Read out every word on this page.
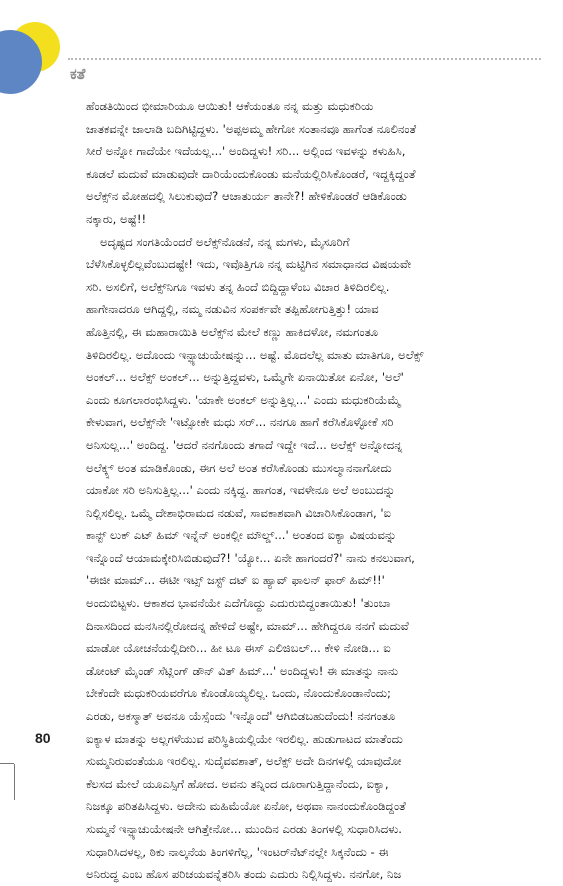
ಕತೆ
ಹೆಂಡತಿಯಿಂದ ಭೀಮಾರಿಯೂ ಆಯಿತು! ಆಕೆಯಂತೂ ನನ್ನ ಮತ್ತು ಮಧುಕರಿಯ
ಜಾತಕವನ್ನೇ ಜಾಲಾಡಿ ಬದಿಗಿಟ್ಟಿದ್ದಳು. 'ಅಪ್ಪಅಮ್ಮ ಹೇಗೋ ಸಂತಾನವೂ ಹಾಗೆಂತ ನೂಲಿನಂತೆ
ಸೀರೆ ಅನ್ನೋ ಗಾದೆಯೇ ಇದೆಯಲ್ಲ...' ಅಂದಿದ್ದಳು! ಸರಿ... ಅಲ್ಲಿಂದ ಇವಳನ್ನು ಕಳುಹಿಸಿ,
ಕೂಡಲೆ ಮದುವೆ ಮಾಡುವುದೇ ದಾರಿಯೆಂದುಕೊಂಡು ಮನೆಯಲ್ಲಿರಿಸಿಕೊಂಡರೆ, ಇದ್ದಕ್ಕಿದ್ದಂತೆ
ಅಲೆಕ್ಸ್‌ನ ಮೋಹದಲ್ಲಿ ಸಿಲುಕುವುದೆ? ಆಚಾತುರ್ಯ ತಾನೇ?! ಹೇಳಿಕೊಂಡರೆ ಆಡಿಕೊಂಡು
ನಕ್ಕಾರು, ಅಷ್ಟೆ!!
ಅದೃಷ್ಟದ ಸಂಗತಿಯೆಂದರೆ ಅಲೆಕ್ಸ್‌ನೊಡನೆ, ನನ್ನ ಮಗಳು, ಮೈಸೂರಿಗೆ
ಬೆಳೆಸಿಕೊಳ್ಳಲಿಲ್ಲವೆಂಬುದಷ್ಟೇ! ಇದು, ಇವೊತ್ತಿಗೂ ನನ್ನ ಮಟ್ಟಿಗಿನ ಸಮಾಧಾನದ ವಿಷಯವೇ
ಸರಿ. ಅಸಲಿಗೆ, ಅಲೆಕ್ಸ್‌ನಿಗೂ ಇವಳು ತನ್ನ ಹಿಂದೆ ಬಿದ್ದಿದ್ದಾಳೆಂಬ ವಿಚಾರ ತಿಳಿದಿರಲಿಲ್ಲ.
ಹಾಗೇನಾದರೂ ಆಗಿದ್ದಲ್ಲಿ, ನಮ್ಮ ನಡುವಿನ ಸಂಪರ್ಕವೇ ತಪ್ಪಿಹೋಗುತ್ತಿತ್ತು! ಯಾವ
ಹೊತ್ತಿನಲ್ಲಿ, ಈ ಮಹಾರಾಯಿತಿ ಅಲೆಕ್ಸ್‌ನ ಮೇಲೆ ಕಣ್ಣು ಹಾಕಿದಳೋ, ನಮಗಂತೂ
ತಿಳಿದಿರಲಿಲ್ಲ. ಅದೊಂದು ಇನ್ಫ್ಯಾಚುಯೇಷನ್ನು... ಅಷ್ಟೆ. ಮೊದಲೆಲ್ಲ ಮಾತು ಮಾತಿಗೂ, ಅಲೆಕ್ಸ್
ಅಂಕಲ್... ಅಲೆಕ್ಸ್ ಅಂಕಲ್... ಅನ್ನುತ್ತಿದ್ದವಳು, ಒಮ್ಮೆಗೇ ಏನಾಯಿತೋ ಏನೋ, 'ಅಲೆ'
ಎಂದು ಕೂಗಲಾರಂಭಿಸಿದ್ದಳು. 'ಯಾಕೇ ಅಂಕಲ್ ಅನ್ನುತ್ತಿಲ್ಲ...' ಎಂದು ಮಧುಕರಿಯೆಮ್ಮೆ
ಕೇಳುವಾಗ, ಅಲೆಕ್ಸ್‌ನೇ 'ಇಟ್ಸೋಕೇ ಮಧು ಸರ್... ನನಗೂ ಹಾಗೆ ಕರೆಸಿಕೊಳ್ಳೋಕೆ ಸರಿ
ಅನಿಸುಲ್ಲ...' ಅಂದಿದ್ದ. 'ಆದರೆ ನನಗೊಂದು ತಗಾದೆ ಇದ್ದೇ ಇದೆ... ಅಲೆಕ್ಸ್ ಅನ್ನೋದನ್ನ
ಅಲೆಕ್ಕ್ಸ್ ಅಂತ ಮಾಡಿಕೊಂಡು, ಈಗ ಅಲೆ ಅಂತ ಕರೆಸಿಕೊಂಡು ಮುಸಲ್ಮಾನನಾಗೋದು
ಯಾಕೋ ಸರಿ ಅನಿಸುತ್ತಿಲ್ಲ...' ಎಂದು ನಕ್ಕಿದ್ದ. ಹಾಗಂತ, ಇವಳೇನೂ ಅಲೆ ಅಂಬುದನ್ನು
ನಿಲ್ಲಿಸಲಿಲ್ಲ. ಒಮ್ಮೆ ದೇಶಾಭಿರಾಮದ ನಡುವೆ, ಸಾವಕಾಶವಾಗಿ ವಿಚಾರಿಸಿಕೊಂಡಾಗ, 'ಐ
ಕಾನ್ಟ್ ಲುಕ್ ಎಟ್ ಹಿಮ್ ಇನ್ನೆನ್ ಅಂಕಲ್ಲೀ ಮೌಲ್ಡ್...' ಅಂತಂದ ಐಕ್ಯಾ ವಿಷಯವನ್ನು
ಇನ್ನೊಂದೆ ಆಯಾಮಕ್ಕೇರಿಸಿಬಿಡುವುದೆ?! 'ಯ್ಯೋ... ಏನೇ ಹಾಗಂದರೆ?' ನಾನು ಕನಲುವಾಗ,
'ಈಜೀ ಮಾಮ್... ಈಟೀ ಇಟ್ಸ್ ಜಸ್ಟ್ ದಟ್ ಐ ಹ್ಯಾವ್ ಫಾಲನ್ ಫಾರ್ ಹಿಮ್!!'
ಅಂದುಬಿಟ್ಟಳು. ಆಕಾಶದ ಭಾವನೆಯೇ ಎದೆಗೊದ್ದು ಎದುರುಬಿದ್ದಂತಾಯಿತು! 'ತುಂಬಾ
ದಿನಾಸದಿಂದ ಮನಸಿನಲ್ಲಿರೋದನ್ನ ಹೇಳಿದೆ ಅಷ್ಟೇ, ಮಾಮ್... ಹೇಗಿದ್ದರೂ ನನಗೆ ಮದುವೆ
ಮಾಡೋ ಯೋಚನೆಯಲ್ಲಿದೀರಿ... ಹೀ ಟೂ ಈಸ್ ಎಲಿಜಿಬಲ್... ಕೇಳಿ ನೋಡಿ... ಐ
ಡೋಂಟ್ ಮೈಂಡ್ ಸೆಟ್ಲಿಂಗ್ ಡೌನ್ ವಿತ್ ಹಿಮ್...' ಅಂದಿದ್ದಳು! ಈ ಮಾತನ್ನು ನಾನು
ಬೇಕೆಂದೇ ಮಧುಕರಿಯವರೆಗೂ ಕೊಂಡೊಯ್ಯಲಿಲ್ಲ. ಒಂದು, ನೊಂದುಕೊಂಡಾನೆಂದು;
ಎರಡು, ಅಕಸ್ಮಾತ್ ಅವನೂ ಯೆಸ್ಸೆಂದು 'ಇನ್ನೊಂದೆ' ಆಗಿಬಿಡಬಹುದೆಂದು! ನನಗಂತೂ
ಐಕ್ಯಾಳ ಮಾತನ್ನು ಅಲ್ಲಗಳೆಯುವ ಪರಿಸ್ಥಿತಿಯಲ್ಲಿಯೇ ಇರಲಿಲ್ಲ. ಹುಡುಗಾಟದ ಮಾತೆಂದು
ಸುಮ್ಮನಿರುವಂತೆಯೂ ಇರಲಿಲ್ಲ. ಸುದೈವವಶಾತ್, ಅಲೆಕ್ಸ್ ಅದೇ ದಿನಗಳಲ್ಲಿ ಯಾವುದೋ
ಕೆಲಸದ ಮೇಲೆ ಯೂಎಸ್ಸಿಗೆ ಹೋದ. ಅವನು ತನ್ನಿಂದ ದೂರಾಗುತ್ತಿದ್ದಾನೆಂದು, ಐಕ್ಯಾ,
ನಿಜಕ್ಕೂ ಪರಿತಪಿಸಿದ್ದಳು. ಅದೇನು ಮಹಿಮೆಯೋ ಏನೋ, ಅಥವಾ ನಾನಂದುಕೊಂಡಿದ್ದಂತೆ
ಸುಮ್ಮನೆ ಇನ್ಫ್ಯಾಚುಯೇಷನೇ ಆಗಿತ್ತೇನೋ... ಮುಂದಿನ ಎರಡು ತಿಂಗಳಲ್ಲಿ ಸುಧಾರಿಸಿದಳು.
ಸುಧಾರಿಸಿದಳಲ್ಲ, ಠಿಕು ನಾಲ್ಕನೆಯ ತಿಂಗಳಿಗೆಲ್ಲ, 'ಇಂಟರ್‌ನೆಟ್‌ನಲ್ಲೇ ಸಿಕ್ಕನೆಂದು - ಈ
ಅನಿರುದ್ಧ ಎಂಬ ಹೊಸ ಪರಿಚಯವನ್ನೆತರಿಸಿ ತಂದು ಎದುರು ನಿಲ್ಲಿಸಿದ್ದಳು. ನನಗೋ, ನಿಜ
80
